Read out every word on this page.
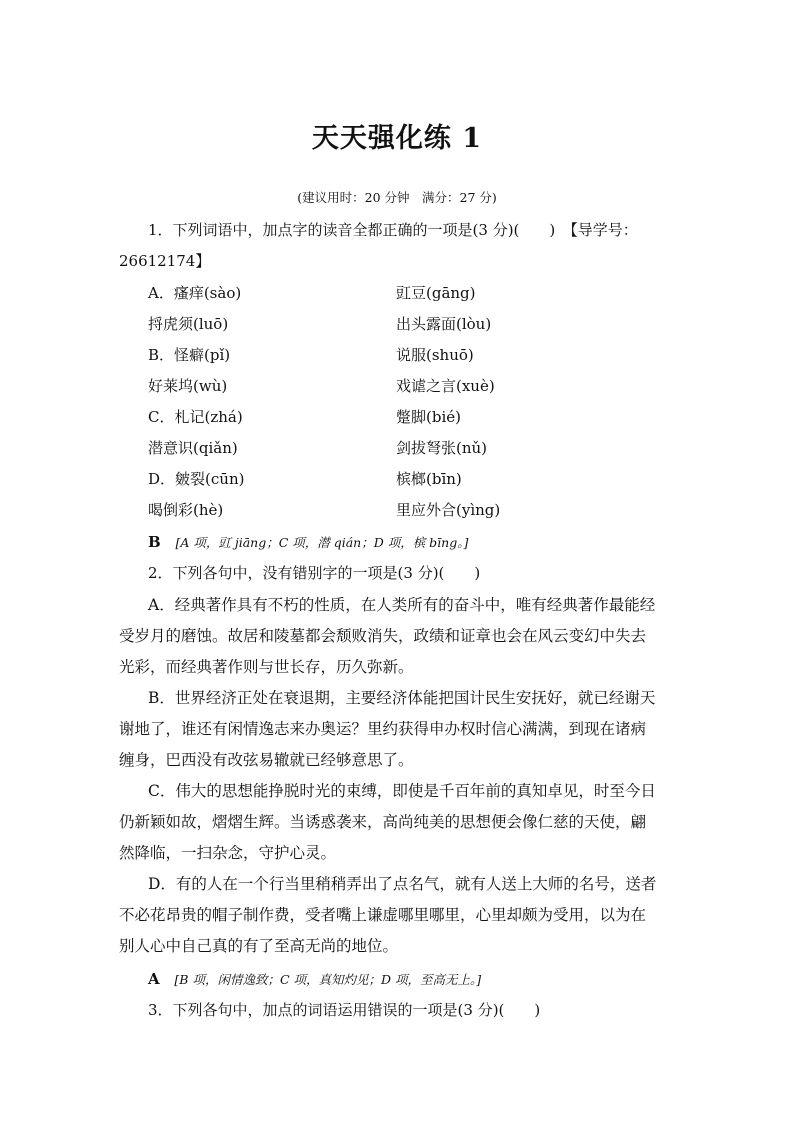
天天强化练 1
(建议用时：20 分钟　满分：27 分)
1．下列词语中，加点字的读音全都正确的一项是(3 分)(　　)　【导学号：
26612174】
A．瘙痒(sào)	豇豆(gāng)
捋虎须(luō)	出头露面(lòu)
B．怪癖(pǐ)	说服(shuō)
好莱坞(wù)	戏谑之言(xuè)
C．札记(zhá)	蹩脚(bié)
潜意识(qiǎn)	剑拔弩张(nǔ)
D．皴裂(cūn)	槟榔(bīn)
喝倒彩(hè)	里应外合(yìng)
B [A 项，豇 jiāng；C 项，潜 qián；D 项，槟 bīng。]
2．下列各句中，没有错别字的一项是(3 分)(　　)
A．经典著作具有不朽的性质，在人类所有的奋斗中，唯有经典著作最能经受岁月的磨蚀。故居和陵墓都会颓败消失，政绩和证章也会在风云变幻中失去光彩，而经典著作则与世长存，历久弥新。
B．世界经济正处在衰退期，主要经济体能把国计民生安抚好，就已经谢天谢地了，谁还有闲情逸志来办奥运？里约获得申办权时信心满满，到现在诸病缠身，巴西没有改弦易辙就已经够意思了。
C．伟大的思想能挣脱时光的束缚，即使是千百年前的真知卓见，时至今日仍新颖如故，熠熠生辉。当诱惑袭来，高尚纯美的思想便会像仁慈的天使，翩然降临，一扫杂念，守护心灵。
D．有的人在一个行当里稍稍弄出了点名气，就有人送上大师的名号，送者不必花昂贵的帽子制作费，受者嘴上谦虚哪里哪里，心里却颇为受用，以为在别人心中自己真的有了至高无尚的地位。
A [B 项，闲情逸致；C 项，真知灼见；D 项，至高无上。]
3．下列各句中，加点的词语运用错误的一项是(3 分)(　　)
